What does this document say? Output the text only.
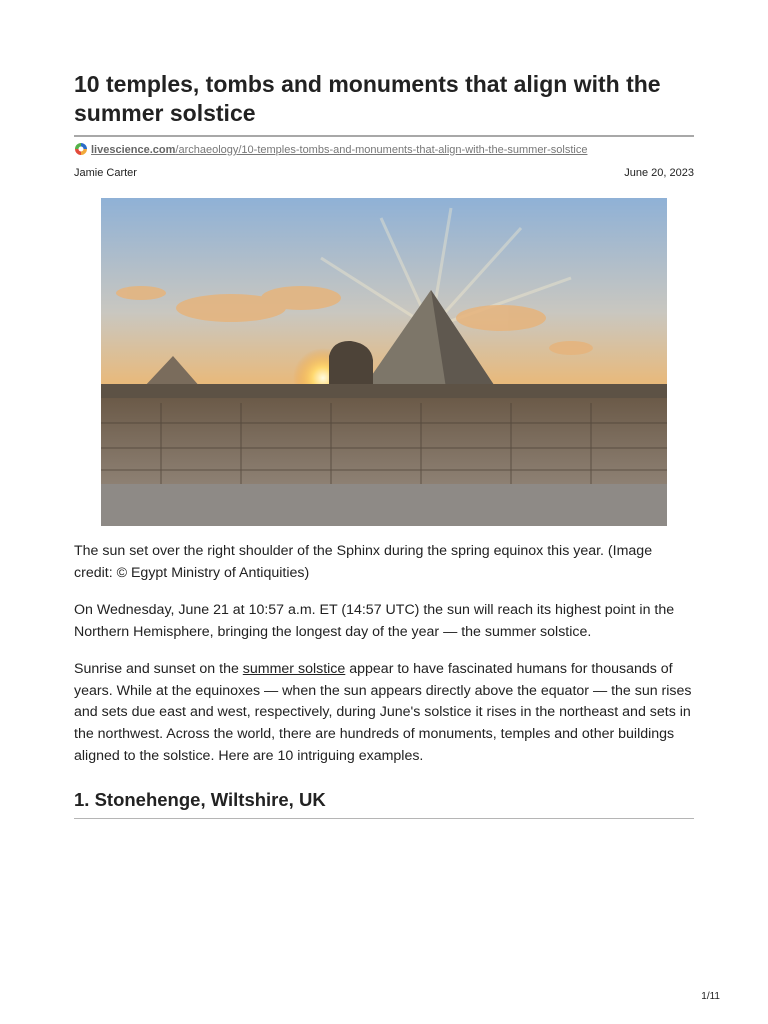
10 temples, tombs and monuments that align with the summer solstice
livescience.com/archaeology/10-temples-tombs-and-monuments-that-align-with-the-summer-solstice
Jamie Carter	June 20, 2023

The sun set over the right shoulder of the Sphinx during the spring equinox this year. (Image credit: © Egypt Ministry of Antiquities)

On Wednesday, June 21 at 10:57 a.m. ET (14:57 UTC) the sun will reach its highest point in the Northern Hemisphere, bringing the longest day of the year — the summer solstice.

Sunrise and sunset on the summer solstice appear to have fascinated humans for thousands of years. While at the equinoxes — when the sun appears directly above the equator — the sun rises and sets due east and west, respectively, during June's solstice it rises in the northeast and sets in the northwest. Across the world, there are hundreds of monuments, temples and other buildings aligned to the solstice. Here are 10 intriguing examples.

1. Stonehenge, Wiltshire, UK
1/11
